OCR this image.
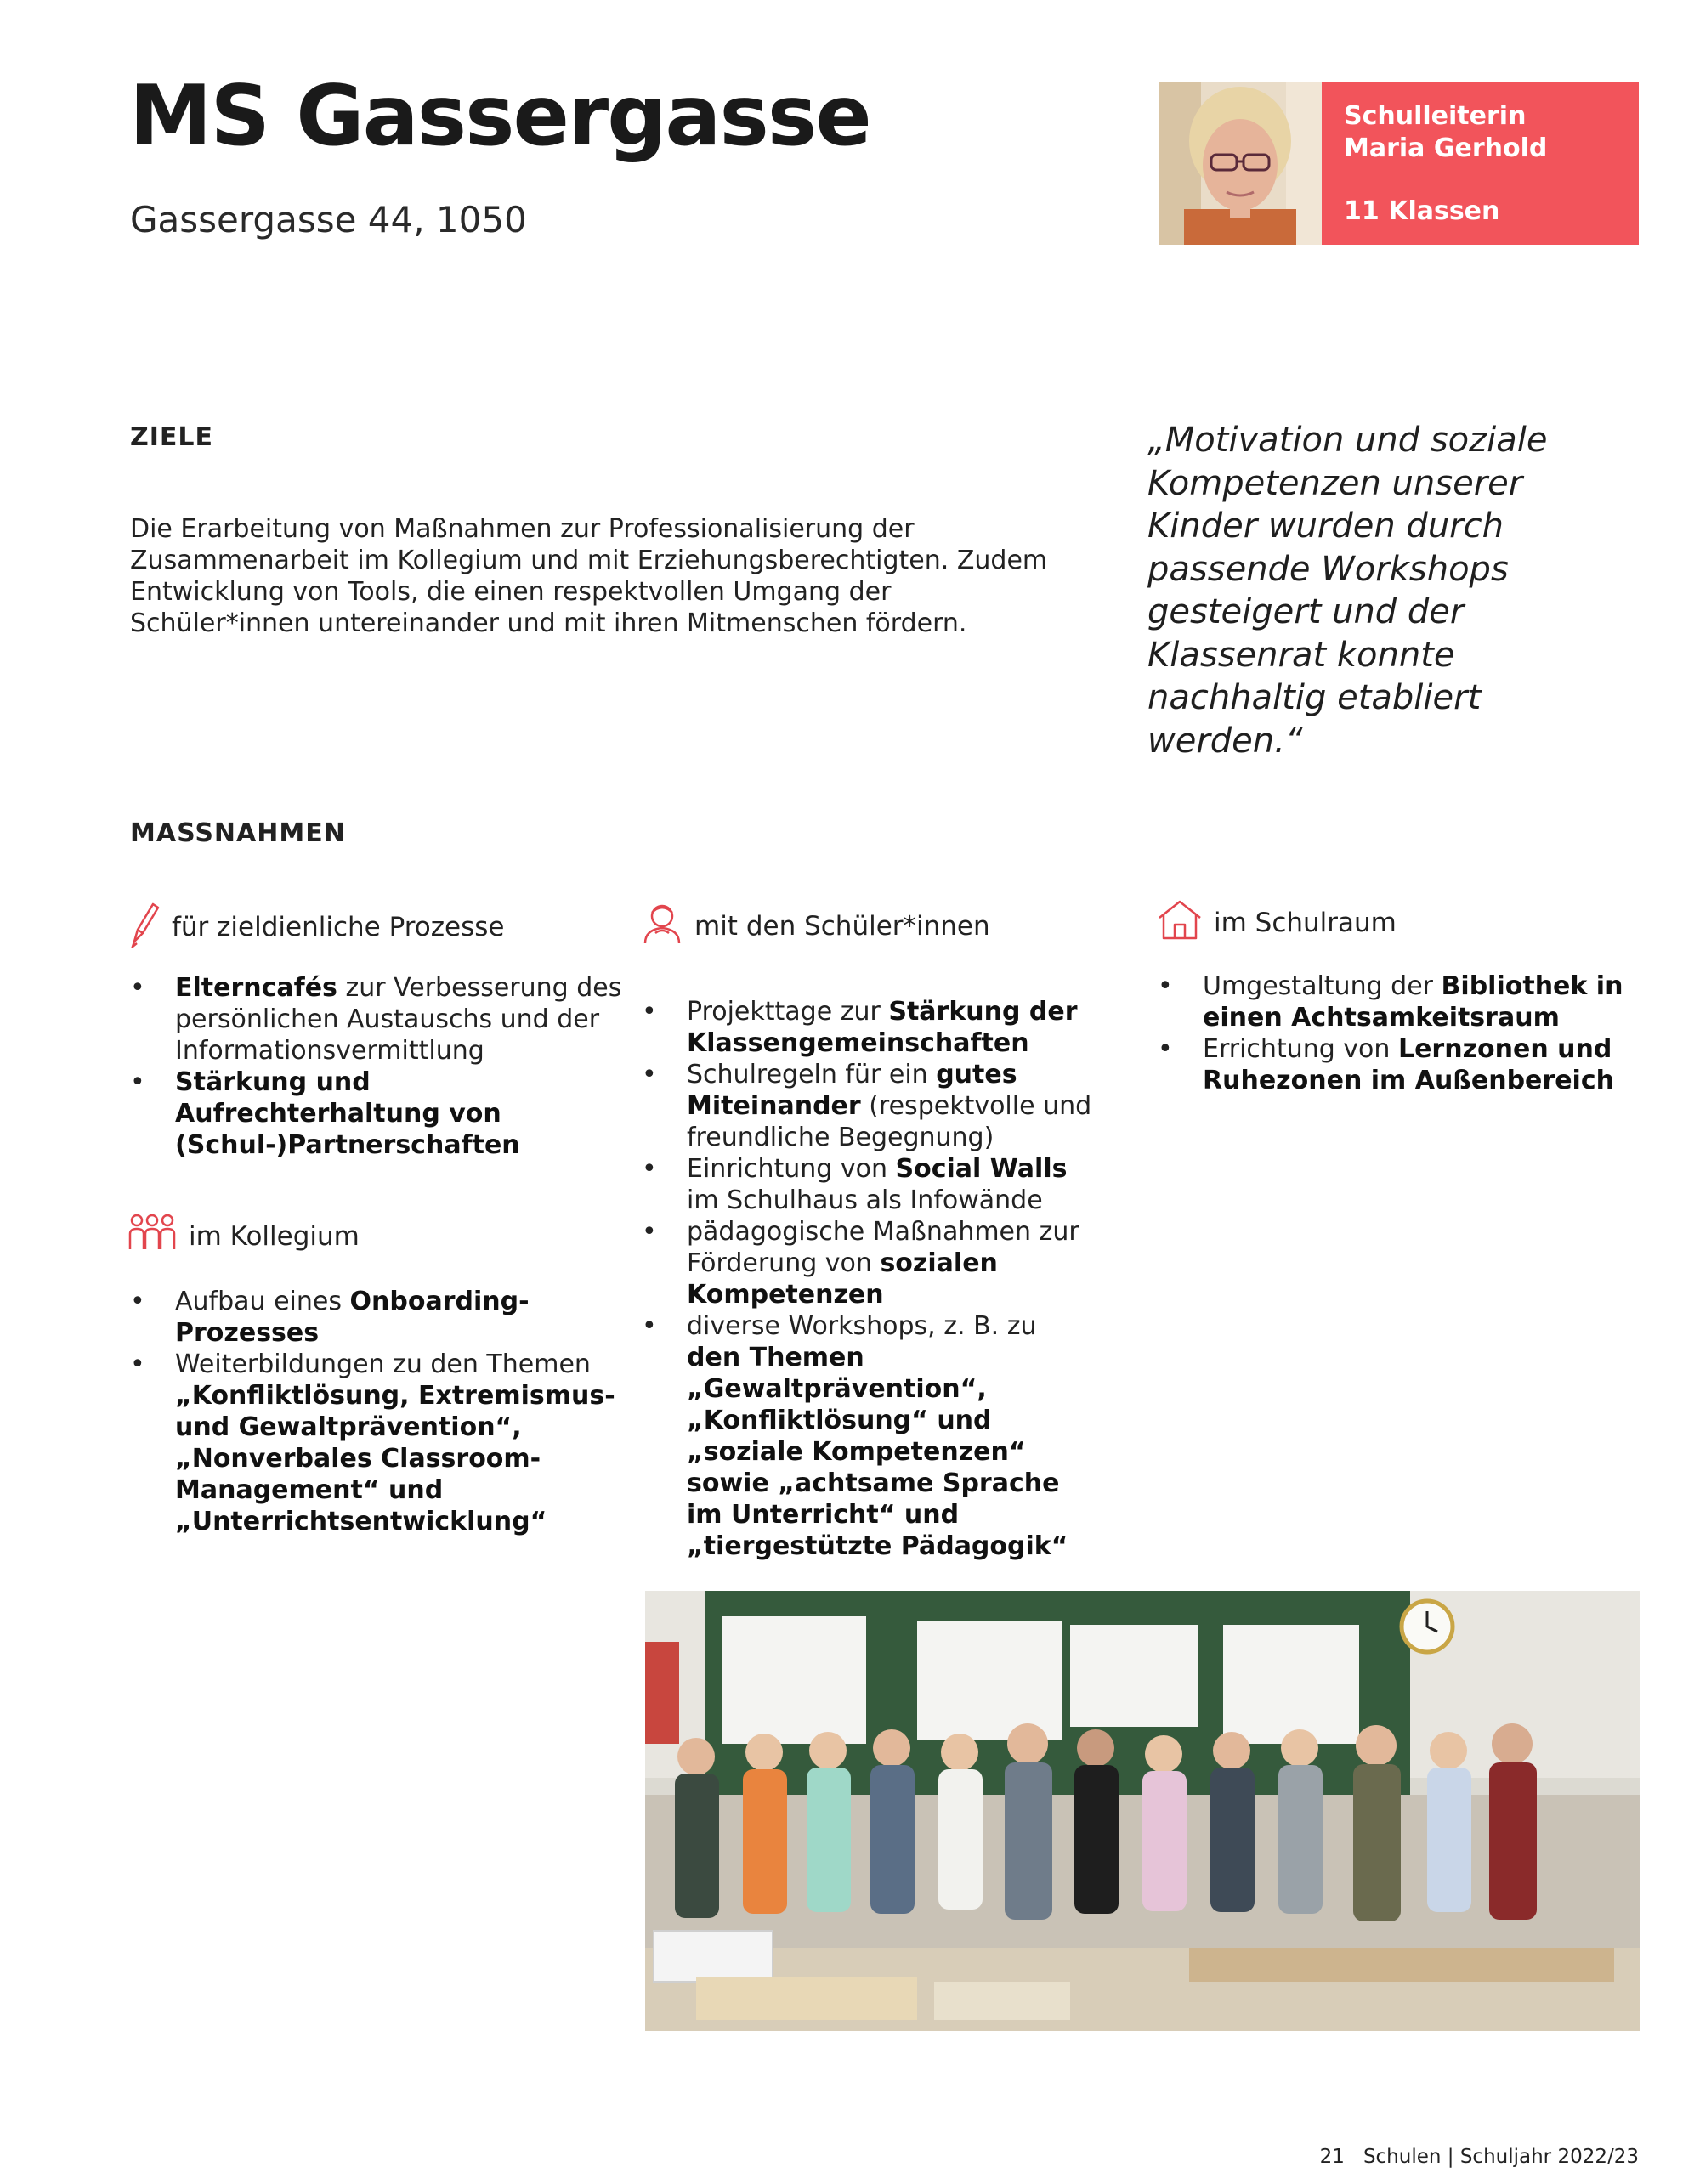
MS Gassergasse
Gassergasse 44, 1050
Schulleiterin
Maria Gerhold
11 Klassen
ZIELE
Die Erarbeitung von Maßnahmen zur Professionalisierung der Zusammenarbeit im Kollegium und mit Erziehungsberechtigten. Zudem Entwicklung von Tools, die einen respektvollen Umgang der Schüler*innen untereinander und mit ihren Mitmenschen fördern.
„Motivation und soziale Kompetenzen unserer Kinder wurden durch passende Workshops gesteigert und der Klassenrat konnte nachhaltig etabliert werden.“
MASSNAHMEN
für zieldienliche Prozesse
• Elterncafés zur Verbesserung des persönlichen Austauschs und der Informationsvermittlung
• Stärkung und Aufrechterhaltung von (Schul-)Partnerschaften
im Kollegium
• Aufbau eines Onboarding-Prozesses
• Weiterbildungen zu den Themen „Konfliktlösung, Extremismus- und Gewaltprävention“, „Nonverbales Classroom-Management“ und „Unterrichtsentwicklung“
mit den Schüler*innen
• Projekttage zur Stärkung der Klassengemeinschaften
• Schulregeln für ein gutes Miteinander (respektvolle und freundliche Begegnung)
• Einrichtung von Social Walls im Schulhaus als Infowände
• pädagogische Maßnahmen zur Förderung von sozialen Kompetenzen
• diverse Workshops, z. B. zu den Themen „Gewaltprävention“, „Konfliktlösung“ und „soziale Kompetenzen“ sowie „achtsame Sprache im Unterricht“ und „tiergestützte Pädagogik“
im Schulraum
• Umgestaltung der Bibliothek in einen Achtsamkeitsraum
• Errichtung von Lernzonen und Ruhezonen im Außenbereich
21 Schulen | Schuljahr 2022/23
